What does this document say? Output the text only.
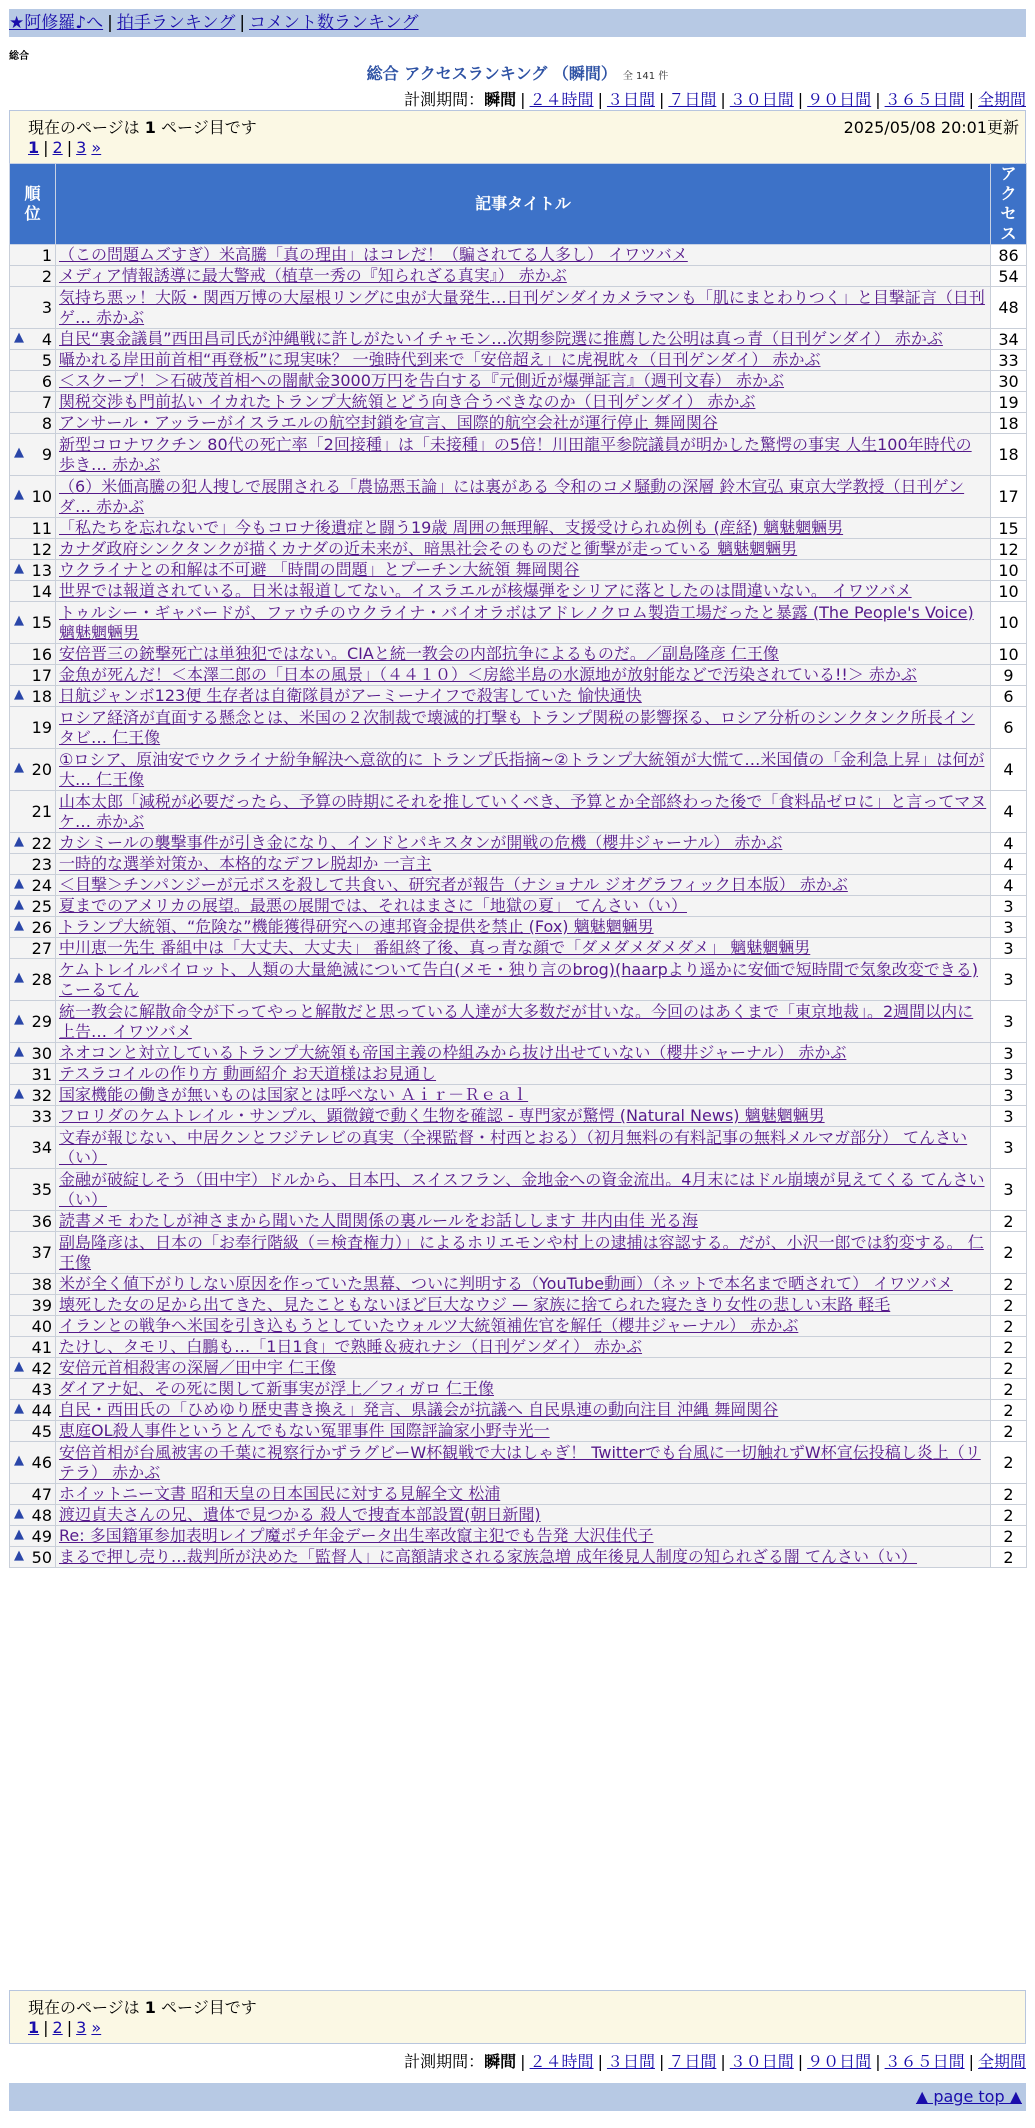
★阿修羅♪へ | 拍手ランキング | コメント数ランキング
総合
総合 アクセスランキング （瞬間） 全 141 件
計測期間：瞬間 | ２４時間 | ３日間 | ７日間 | ３０日間 | ９０日間 | ３６５日間 | 全期間
現在のページは 1 ページ目です	2025/05/08 20:01更新
1 | 2 | 3 »
順位	記事タイトル	アクセス
1	（この問題ムズすぎ）米高騰「真の理由」はコレだ！（騙されてる人多し） イワツバメ	86
2	メディア情報誘導に最大警戒（植草一秀の『知られざる真実』） 赤かぶ	54
3	気持ち悪ッ！大阪・関西万博の大屋根リングに虫が大量発生…日刊ゲンダイカメラマンも「肌にまとわりつく」と目撃証言（日刊ゲ… 赤かぶ	48

▲ 4	自民“裏金議員”西田昌司氏が沖縄戦に許しがたいイチャモン…次期参院選に推薦した公明は真っ青（日刊ゲンダイ） 赤かぶ	34
5	囁かれる岸田前首相“再登板”に現実味？ 一強時代到来で「安倍超え」に虎視眈々（日刊ゲンダイ） 赤かぶ	33
6	＜スクープ！＞石破茂首相への闇献金3000万円を告白する『元側近が爆弾証言』（週刊文春） 赤かぶ	30
7	関税交渉も門前払い イカれたトランプ大統領とどう向き合うべきなのか（日刊ゲンダイ） 赤かぶ	19
8	アンサール・アッラーがイスラエルの航空封鎖を宣言、国際的航空会社が運行停止 舞岡関谷	18

▲ 9	新型コロナワクチン 80代の死亡率「2回接種」は「未接種」の5倍！川田龍平参院議員が明かした驚愕の事実 人生100年時代の歩き… 赤かぶ	18

▲ 10	（6）米価高騰の犯人捜しで展開される「農協悪玉論」には裏がある 令和のコメ騒動の深層 鈴木宣弘 東京大学教授（日刊ゲンダ… 赤かぶ	17
11	「私たちを忘れないで」今もコロナ後遺症と闘う19歳 周囲の無理解、支援受けられぬ例も (産経) 魑魅魍魎男	15
12	カナダ政府シンクタンクが描くカナダの近未来が、暗黒社会そのものだと衝撃が走っている 魑魅魍魎男	12

▲ 13	ウクライナとの和解は不可避 「時間の問題」とプーチン大統領 舞岡関谷	10
14	世界では報道されている。日米は報道してない。イスラエルが核爆弾をシリアに落としたのは間違いない。 イワツバメ	10

▲ 15	トゥルシー・ギャバードが、ファウチのウクライナ・バイオラボはアドレノクロム製造工場だったと暴露 (The People's Voice) 魑魅魍魎男	10
16	安倍晋三の銃撃死亡は単独犯ではない。CIAと統一教会の内部抗争によるものだ。／副島隆彦 仁王像	10
17	金魚が死んだ！＜本澤二郎の「日本の風景」（４４１０）＜房総半島の水源地が放射能などで汚染されている!!＞ 赤かぶ	9

▲ 18	日航ジャンボ123便 生存者は自衛隊員がアーミーナイフで殺害していた 愉快通快	6
19	ロシア経済が直面する懸念とは、米国の２次制裁で壊滅的打撃も トランプ関税の影響探る、ロシア分析のシンクタンク所長インタビ… 仁王像	6

▲ 20	①ロシア、原油安でウクライナ紛争解決へ意欲的に トランプ氏指摘~②トランプ大統領が大慌て…米国債の「金利急上昇」は何が大… 仁王像	4
21	山本太郎「減税が必要だったら、予算の時期にそれを推していくべき、予算とか全部終わった後で「食料品ゼロに」と言ってマヌケ… 赤かぶ	4

▲ 22	カシミールの襲撃事件が引き金になり、インドとパキスタンが開戦の危機（櫻井ジャーナル） 赤かぶ	4
23	一時的な選挙対策か、本格的なデフレ脱却か 一言主	4

▲ 24	＜目撃＞チンパンジーが元ボスを殺して共食い、研究者が報告（ナショナル ジオグラフィック日本版） 赤かぶ	4

▲ 25	夏までのアメリカの展望。最悪の展開では、それはまさに「地獄の夏」 てんさい（い）	3

▲ 26	トランプ大統領、“危険な”機能獲得研究への連邦資金提供を禁止 (Fox) 魑魅魍魎男	3
27	中川恵一先生 番組中は「大丈夫、大丈夫」 番組終了後、真っ青な顔で「ダメダメダメダメ」 魑魅魍魎男	3

▲ 28	ケムトレイルパイロット、人類の大量絶滅について告白(メモ・独り言のbrog)(haarpより遥かに安価で短時間で気象改変できる) こーるてん	3

▲ 29	統一教会に解散命令が下ってやっと解散だと思っている人達が大多数だが甘いな。今回のはあくまで「東京地裁」。2週間以内に上告… イワツバメ	3

▲ 30	ネオコンと対立しているトランプ大統領も帝国主義の枠組みから抜け出せていない（櫻井ジャーナル） 赤かぶ	3
31	テスラコイルの作り方 動画紹介 お天道様はお見通し	3

▲ 32	国家機能の働きが無いものは国家とは呼べない Ａｉｒ－Ｒｅａｌ	3
33	フロリダのケムトレイル・サンプル、顕微鏡で動く生物を確認 - 専門家が驚愕 (Natural News) 魑魅魍魎男	3
34	文春が報じない、中居クンとフジテレビの真実（全裸監督・村西とおる）（初月無料の有料記事の無料メルマガ部分） てんさい（い）	3
35	金融が破綻しそう（田中宇）ドルから、日本円、スイスフラン、金地金への資金流出。4月末にはドル崩壊が見えてくる てんさい（い）	3
36	読書メモ わたしが神さまから聞いた人間関係の裏ルールをお話しします 井内由佳 光る海	2
37	副島隆彦は、日本の「お奉行階級（＝検査権力）」によるホリエモンや村上の逮捕は容認する。だが、小沢一郎では豹変する。 仁王像	2
38	米が全く値下がりしない原因を作っていた黒幕、ついに判明する（YouTube動画）（ネットで本名まで晒されて） イワツバメ	2
39	壊死した女の足から出てきた、見たこともないほど巨大なウジ — 家族に捨てられた寝たきり女性の悲しい末路 軽毛	2
40	イランとの戦争へ米国を引き込もうとしていたウォルツ大統領補佐官を解任（櫻井ジャーナル） 赤かぶ	2
41	たけし、タモリ、白鵬も…「1日1食」で熟睡＆疲れナシ（日刊ゲンダイ） 赤かぶ	2

▲ 42	安倍元首相殺害の深層／田中宇 仁王像	2
43	ダイアナ妃、その死に関して新事実が浮上／フィガロ 仁王像	2

▲ 44	自民・西田氏の「ひめゆり歴史書き換え」発言、県議会が抗議へ 自民県連の動向注目 沖縄 舞岡関谷	2
45	恵庭OL殺人事件というとんでもない冤罪事件 国際評論家小野寺光一	2

▲ 46	安倍首相が台風被害の千葉に視察行かずラグビーW杯観戦で大はしゃぎ！ Twitterでも台風に一切触れずW杯宣伝投稿し炎上（リテラ） 赤かぶ	2
47	ホイットニー文書 昭和天皇の日本国民に対する見解全文 松浦	2

▲ 48	渡辺貞夫さんの兄、遺体で見つかる 殺人で捜査本部設置(朝日新聞)	2

▲ 49	Re: 多国籍軍参加表明レイプ魔ポチ年金データ出生率改竄主犯でも告発 大沢佳代子	2

▲ 50	まるで押し売り…裁判所が決めた「監督人」に高額請求される家族急増 成年後見人制度の知られざる闇 てんさい（い）	2
現在のページは 1 ページ目です
1 | 2 | 3 »
計測期間：瞬間 | ２４時間 | ３日間 | ７日間 | ３０日間 | ９０日間 | ３６５日間 | 全期間
▲ page top ▲
